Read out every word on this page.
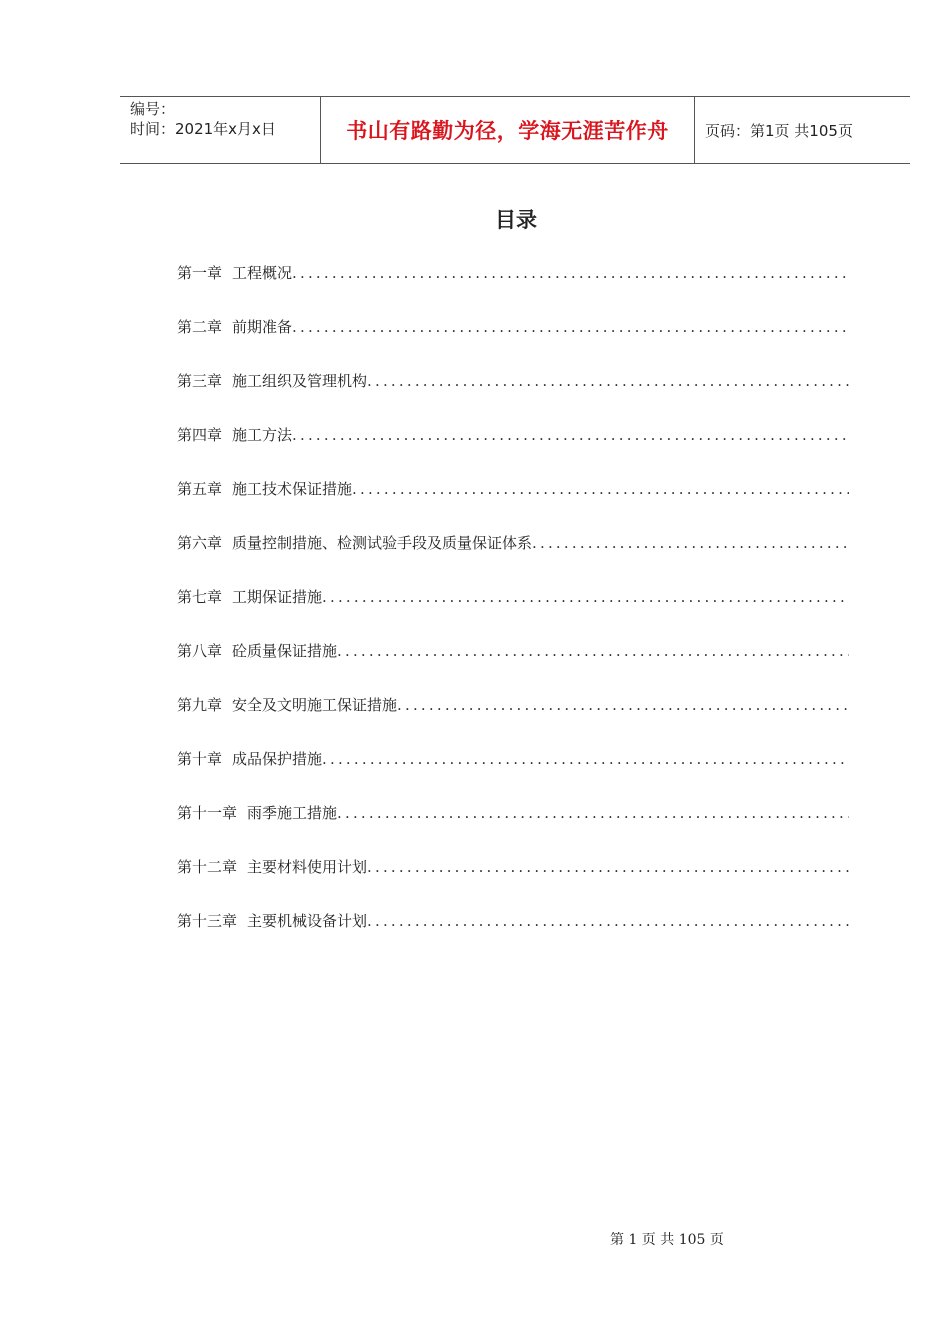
编号：
时间：2021年x月x日	书山有路勤为径，学海无涯苦作舟	页码：第1页 共105页
目录
第一章 工程概况
.....
第二章 前期准备
.....
第三章 施工组织及管理机构
.....
第四章 施工方法
.....
第五章 施工技术保证措施
.....
第六章 质量控制措施、检测试验手段及质量保证体系
.....
第七章 工期保证措施
.....
第八章 砼质量保证措施
.....
第九章 安全及文明施工保证措施
.....
第十章 成品保护措施
.....
第十一章 雨季施工措施
.....
第十二章 主要材料使用计划
.....
第十三章 主要机械设备计划
.....
第 1 页 共 105 页
